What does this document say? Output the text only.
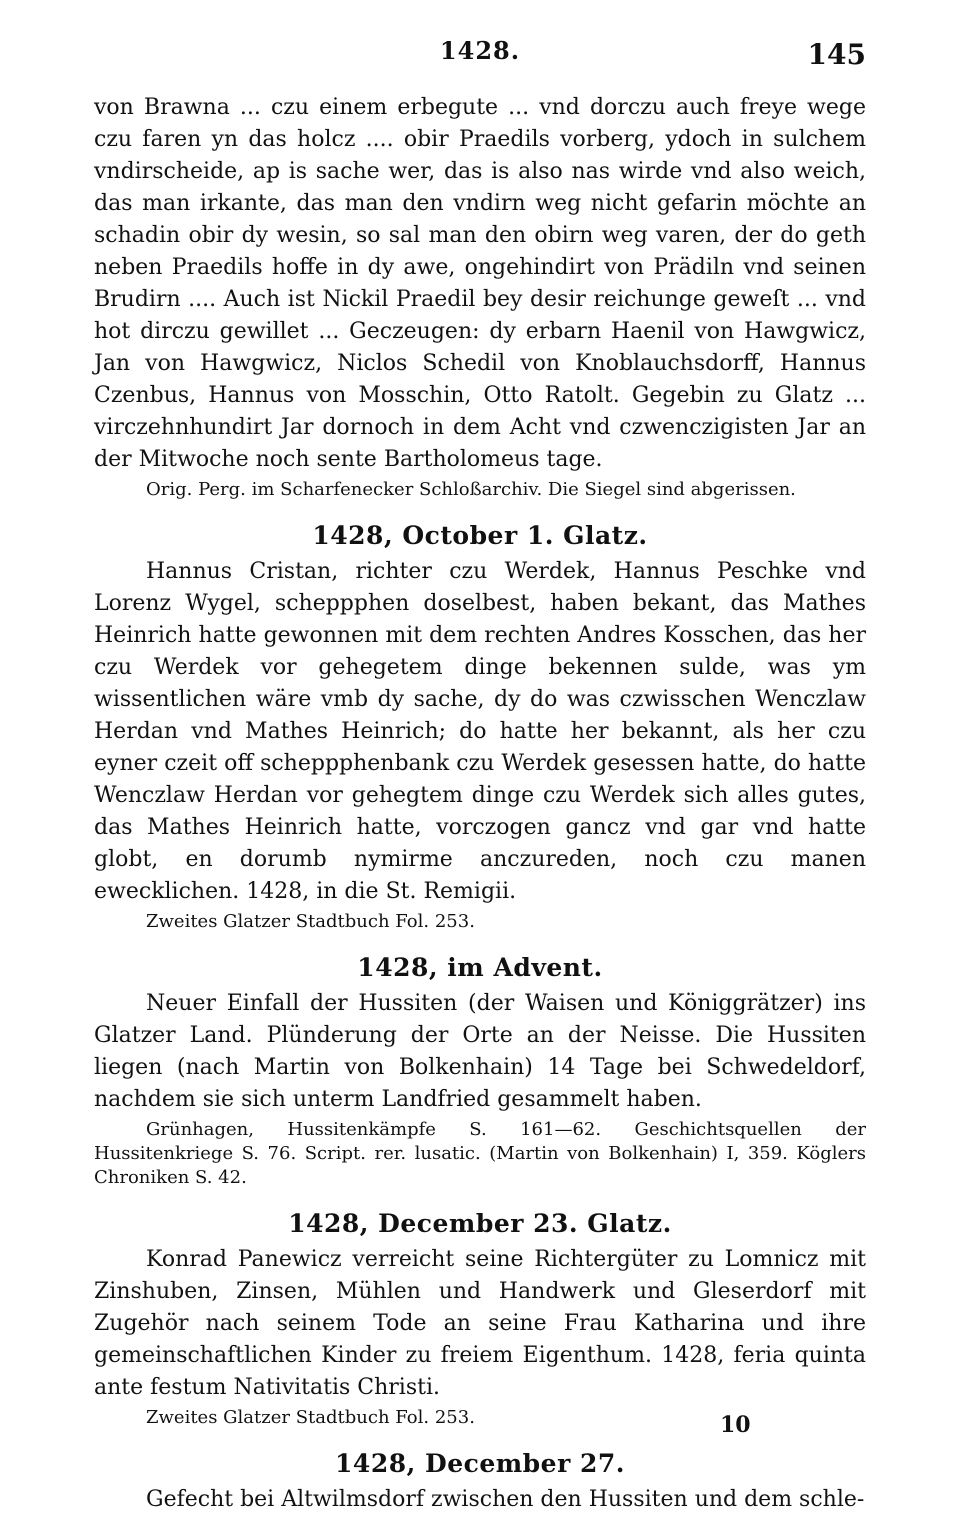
1428.	145

von Brawna ... czu einem erbegute ... vnd dorczu auch freye wege czu faren yn das holcz .... obir Praedils vorberg, ydoch in sulchem vndirscheide, ap is sache wer, das is also nas wirde vnd also weich, das man irkante, das man den vndirn weg nicht gefarin möchte an schadin obir dy wesin, so sal man den obirn weg varen, der do geth neben Praedils hoffe in dy awe, ongehindirt von Prädiln vnd seinen Brudirn .... Auch ist Nickil Praedil bey desir reichunge geweſt ... vnd hot dirczu gewillet ... Geczeugen: dy erbarn Haenil von Hawgwicz, Jan von Hawgwicz, Niclos Schedil von Knoblauchsdorff, Hannus Czenbus, Hannus von Mosschin, Otto Ratolt. Gegebin zu Glatz ... virczehnhundirt Jar dornoch in dem Acht vnd czwenczigisten Jar an der Mitwoche noch sente Bartholomeus tage.

Orig. Perg. im Scharfenecker Schloßarchiv. Die Siegel sind abgerissen.

1428, October 1. Glatz.

Hannus Cristan, richter czu Werdek, Hannus Peschke vnd Lorenz Wygel, scheppphen doselbest, haben bekant, das Mathes Heinrich hatte gewonnen mit dem rechten Andres Kosschen, das her czu Werdek vor gehegetem dinge bekennen sulde, was ym wissentlichen wäre vmb dy sache, dy do was czwisschen Wenczlaw Herdan vnd Mathes Heinrich; do hatte her bekannt, als her czu eyner czeit off scheppphenbank czu Werdek gesessen hatte, do hatte Wenczlaw Herdan vor gehegtem dinge czu Werdek sich alles gutes, das Mathes Heinrich hatte, vorczogen gancz vnd gar vnd hatte globt, en dorumb nymirme anczureden, noch czu manen ewecklichen. 1428, in die St. Remigii.

Zweites Glatzer Stadtbuch Fol. 253.

1428, im Advent.

Neuer Einfall der Hussiten (der Waisen und Königgrätzer) ins Glatzer Land. Plünderung der Orte an der Neisse. Die Hussiten liegen (nach Martin von Bolkenhain) 14 Tage bei Schwedeldorf, nachdem sie sich unterm Landfried gesammelt haben.

Grünhagen, Hussitenkämpfe S. 161—62. Geschichtsquellen der Hussitenkriege S. 76. Script. rer. lusatic. (Martin von Bolkenhain) I, 359. Köglers Chroniken S. 42.

1428, December 23. Glatz.

Konrad Panewicz verreicht seine Richtergüter zu Lomnicz mit Zinshuben, Zinsen, Mühlen und Handwerk und Gleserdorf mit Zugehör nach seinem Tode an seine Frau Katharina und ihre gemeinschaftlichen Kinder zu freiem Eigenthum. 1428, feria quinta ante festum Nativitatis Christi.

Zweites Glatzer Stadtbuch Fol. 253.

1428, December 27.

Gefecht bei Altwilmsdorf zwischen den Hussiten und dem schle-

10
